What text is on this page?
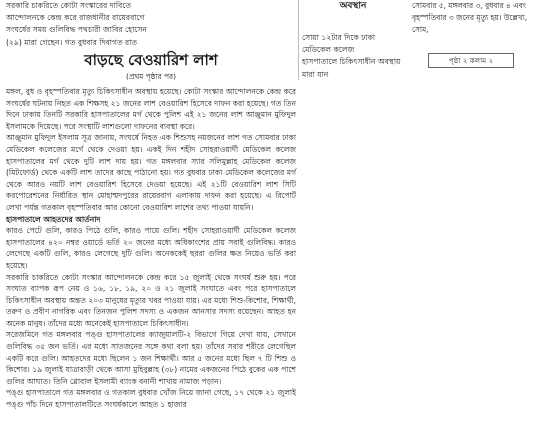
সরকারি চাকরিতে কোটা সংস্কারের দাবিতে
আন্দোলনকে কেন্দ্র করে রাজধানীর রায়েরবাগে
সংঘর্ষের সময় গুলিবিদ্ধ পথচারী জাবির হোসেন
(২৯) মারা গেছেন। গত বুধবার দিবাগত রাত
অবস্থান
সোয়া ১২টার দিকে ঢাকা মেডিকেল কলেজ
হাসপাতালে চিকিৎসাধীন অবস্থায় মারা যান
সোমবার ৫, মঙ্গলবার ৩, বুধবার ৪ এবং
বৃহস্পতিবার ৩ জনের মৃত্যু হয়। উল্লেখ্য, সোম,
পৃষ্ঠা ২ কলাম ২
বাড়ছে বেওয়ারিশ লাশ
(প্রথম পৃষ্ঠার পর)

মঙ্গল, বুধ ও বৃহস্পতিবার মৃত্যু চিকিৎসাধীন অবস্থায় হয়েছে। কোটা সংস্কার আন্দোলনকে কেন্দ্র করে সংঘর্ষের ঘটনায় নিহত এক শিক্ষসহ ২১ জনের লাশ বেওয়ারিশ হিসেবে দাফন করা হয়েছে। গত তিন দিনে ঢাকায় তিনটি সরকারি হাসপাতালের মর্গ থেকে পুলিশ এই ২১ জনের লাশ আঞ্জুমান মুফিদুল ইসলামকে দিয়েছে। পরে সংস্থাটি লাশগুলো দাফনের ব্যবস্থা করে।

আঞ্জুমান মুফিদুল ইসলাম সূত্র জানায়, সংঘর্ষে নিহত এক শিশুসহ নয়জনের লাশ গত সোমবার ঢাকা মেডিকেল কলেজের মর্গে থেকে দেওয়া হয়। একই দিন শহীদ সোহরাওয়ার্দী মেডিকেল কলেজ হাসপাতালের মর্গ থেকে দুটি লাশ দায় হয়। গত মঙ্গলবার স্যার সলিমুল্লাহ মেডিকেল কলেজ (মিটফোর্ড) থেকে একটি লাশ তাদের কাছে পাঠানো হয়। গত বুধবার ঢাকা মেডিকেল কলেজের মর্গ থেকে আরও নয়টি লাশ বেওয়ারিশ হিসেবে দেওয়া হয়েছে। এই ২১টি বেওয়ারিশ লাশ সিটি করপোরেশনের নির্ধারিত স্থান মোহাম্মদপুরের রায়েরবাগ এলাকায় দাফন করা হয়েছে। এ রিপোর্ট লেখা পর্যন্ত গতকাল বৃহস্পতিবার আর কোনো বেওয়ারিশ লাশের তথ্য পাওয়া যায়নি।

হাসপাতালে আহতদের আর্তনাদ

কারও পেটে গুলি, কারও পিঠে গুলি, কারও পায়ে গুলি। শহীদ সোহরাওয়ার্দী মেডিকেল কলেজ হাসপাতালের ৪২০ নম্বর ওয়ার্ডে ভর্তি ২০ জনের মধ্যে অধিকাংশের প্রায় সবাই গুলিবিদ্ধ। কারও লেগেছে একটি গুলি, কারও লেগেছে দুটি গুলি। অনেককেই ছররা গুলির ক্ষত নিয়েও ভর্তি করা হয়েছে।

সরকারি চাকরিতে কোটা সংস্কার আন্দোলনকে কেন্দ্র করে ১৫ জুলাই থেকে সংঘর্ষ শুরু হয়। পরে সংঘাত ব্যাপক রূপ নেয় ও ১৬, ১৮, ১৯, ২০ ও ২১ জুলাই সংঘাতে এবং পরে হাসপাতালে চিকিৎসাধীন অবস্থায় অন্তত ২০৩ মানুষের মৃত্যুর খবর পাওয়া যায়। এর মধ্যে শিশু-কিশোর, শিক্ষার্থী, তরুণ ও প্রবীণ নাগরিক এবং তিনজন পুলিশ সদস্য ও একজন আনসার সদস্য রয়েছেন। আহত হন অনেক মানুষ। তাঁদের মধ্যে অনেকেই হাসপাতালে চিকিৎসাধীন।

সরেজমিনে গত মঙ্গলবার পঙ্গু হাসপাতালের ক্যাজুয়ালটি-২ বিভাগে গিয়ে দেখা যায়, সেখানে গুলিবিদ্ধ ৩৫ জন ভর্তি। এর মধ্যে সাতজনের সঙ্গে কথা বলা হয়। তাঁদের সবার শরীরে লেগেছিল একটি করে গুলি। আহতদের মধ্যে ছিলেন ১ জন শিক্ষার্থী। আর ৫ জনের মধ্যে ছিল ৭ টি শিশু ও কিশোর। ১৯ জুলাই যাত্রাবাড়ী থেকে আসা মুহিবুল্লাহ (৩৮) নামের একজনের পিঠে বুকের এক পাশে গুলির আঘাত। তিনি গ্লোবাল ইসলামী ব্যাংক বনানী শাখায় নামাজ পড়ান।

পঙ্গু হাসপাতালে গত মঙ্গলবার ও গতকাল বুধবার খোঁজ নিয়ে জানা গেছে, ১৭ থেকে ২১ জুলাই পঙ্গু পাঁচ দিনে হাসপাতালটিতে সংঘর্ষকালে আহত ১ হাজার
